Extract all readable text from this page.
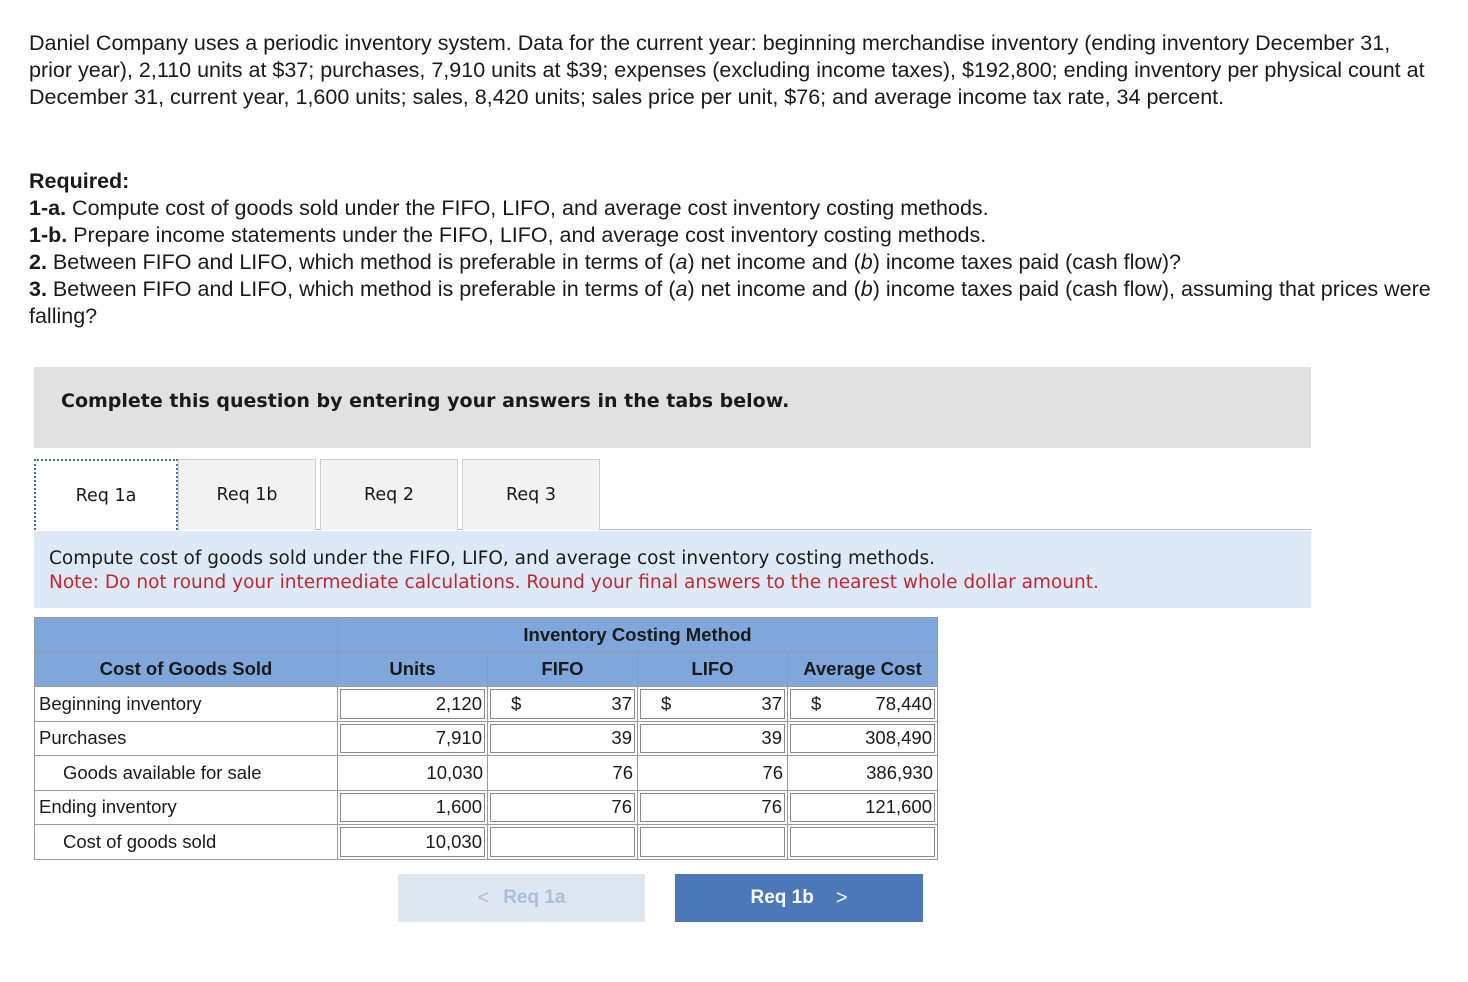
Daniel Company uses a periodic inventory system. Data for the current year: beginning merchandise inventory (ending inventory December 31, prior year), 2,110 units at $37; purchases, 7,910 units at $39; expenses (excluding income taxes), $192,800; ending inventory per physical count at December 31, current year, 1,600 units; sales, 8,420 units; sales price per unit, $76; and average income tax rate, 34 percent.

Required:

1-a. Compute cost of goods sold under the FIFO, LIFO, and average cost inventory costing methods.

1-b. Prepare income statements under the FIFO, LIFO, and average cost inventory costing methods.

2. Between FIFO and LIFO, which method is preferable in terms of (a) net income and (b) income taxes paid (cash flow)?

3. Between FIFO and LIFO, which method is preferable in terms of (a) net income and (b) income taxes paid (cash flow), assuming that prices were falling?

Complete this question by entering your answers in the tabs below.
Req 1a	Req 1b	Req 2	Req 3
Compute cost of goods sold under the FIFO, LIFO, and average cost inventory costing methods.
Note: Do not round your intermediate calculations. Round your final answers to the nearest whole dollar amount.
	Inventory Costing Method			
Cost of Goods Sold	Units	FIFO	LIFO	Average Cost
Beginning inventory	2,120	$ 37	$ 37	$ 78,440

Purchases	7,910	39	39	308,490

Goods available for sale	10,030	76	76	386,930
Ending inventory	1,600	76	76	121,600

Cost of goods sold	10,030			

< Req 1a	Req 1b >
